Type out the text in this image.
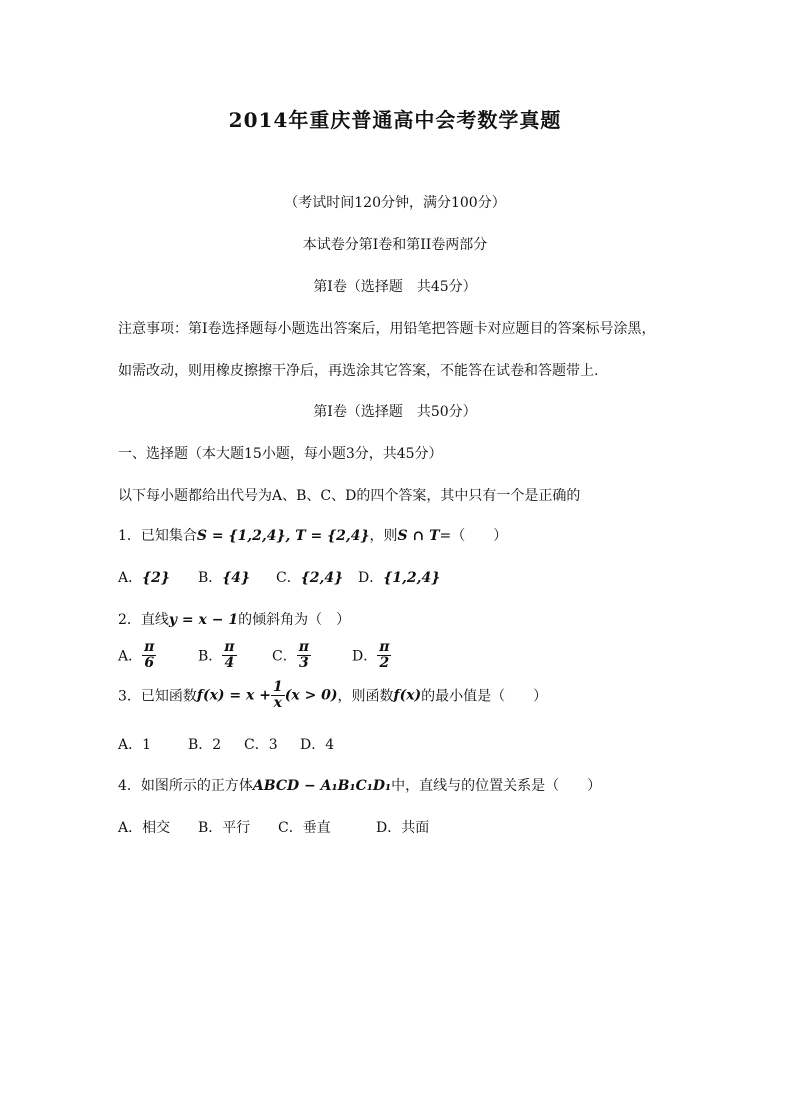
2014年重庆普通高中会考数学真题
（考试时间120分钟，满分100分）
本试卷分第I卷和第II卷两部分
第I卷（选择题　共45分）
注意事项：第I卷选择题每小题选出答案后，用铅笔把答题卡对应题目的答案标号涂黑，
如需改动，则用橡皮擦擦干净后，再选涂其它答案，不能答在试卷和答题带上.
第I卷（选择题　共50分）
一、选择题（本大题15小题，每小题3分，共45分）
以下每小题都给出代号为A、B、C、D的四个答案，其中只有一个是正确的
1．已知集合S = {1,2,4}, T = {2,4}，则S ∩ T=（　　）
A．{2} B．{4} C．{2,4} D．{1,2,4}
2．直线y = x − 1的倾斜角为（　）
A． $\frac{\pi}{6}$	B． $\frac{\pi}{4}$	C． $\frac{\pi}{3}$	D． $\frac{\pi}{2}$
3．已知函数$f(x) = x + \frac{1}{x} (x > 0)$，则函数f(x)的最小值是（　　）
A．1	B．2 C．3 D．4
4．如图所示的正方体ABCD − A₁B₁C₁D₁中，直线与的位置关系是（　　）
A．相交 B．平行 C．垂直	D．共面
